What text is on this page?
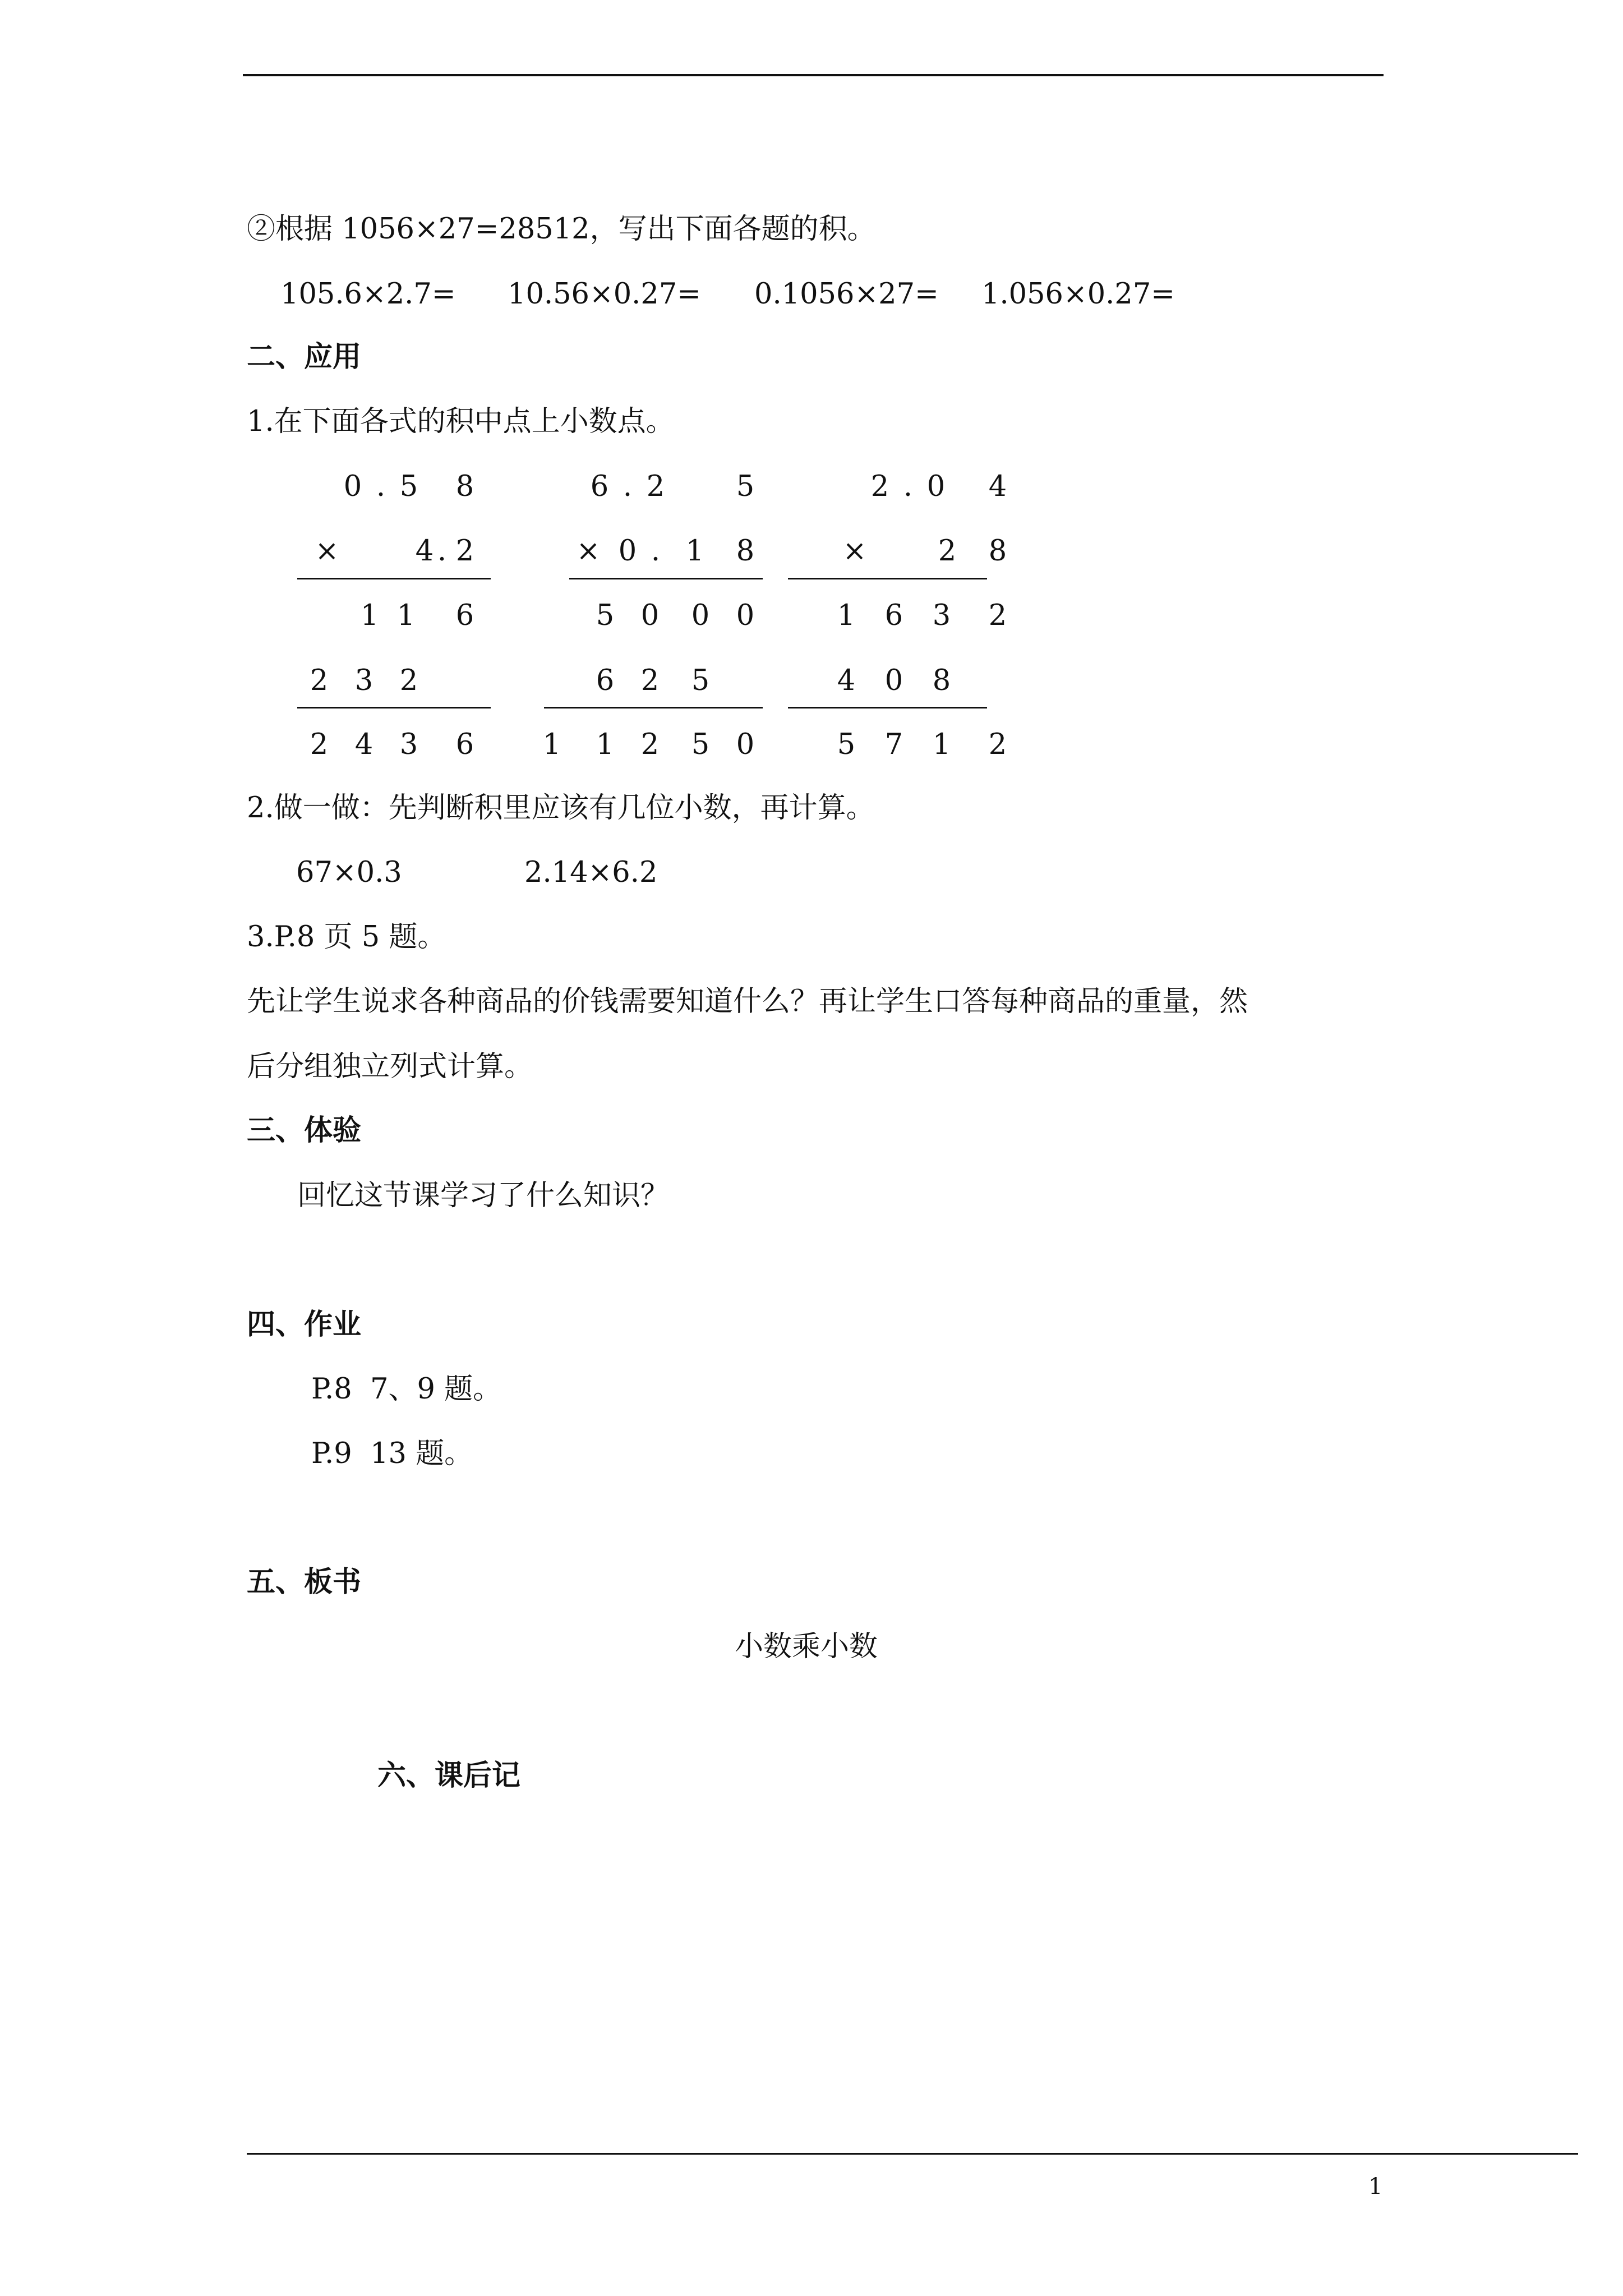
②根据 1056×27=28512，写出下面各题的积。
105.6×2.7= 10.56×0.27= 0.1056×27= 1.056×0.27=
二、应用
1.在下面各式的积中点上小数点。
0 . 5 8
×	4 . 2
1 1 6
2 3 2
2 4 3 6
6 . 2	5
× 0 . 1 8
5 0 0 0
6 2 5
1 1 2 5 0
2 . 0 4
× 2 8
1 6 3 2
4 0 8
5 7 1 2
2.做一做：先判断积里应该有几位小数，再计算。
67×0.3	2.14×6.2
3.P.8 页 5 题。
先让学生说求各种商品的价钱需要知道什么？再让学生口答每种商品的重量，然
后分组独立列式计算。
三、体验
回忆这节课学习了什么知识？
四、作业
P.8  7、9 题。
P.9  13 题。
五、板书
小数乘小数
六、课后记
1
